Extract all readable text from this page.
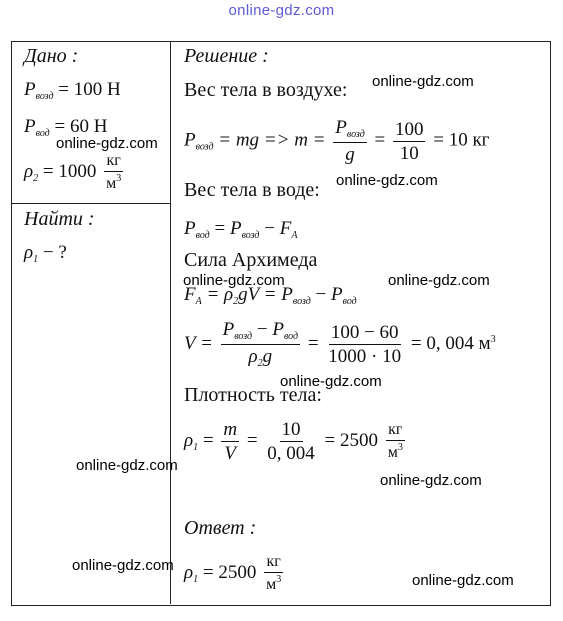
online-gdz.com
Дано :
$P_{возд} = 100$ Н
$P_{вод} = 60$ Н
$\rho_2 = 1000 \frac{кг}{м^3}$
Найти :
$\rho_1$ − ?
Решение :
Вес тела в воздухе:
$P_{возд}$ = mg => $m = \frac{P_{возд}}{g} = \frac{100}{10} = 10$ кг
Вес тела в воде:
$P_{вод} = P_{возд} - F_A$
Сила Архимеда
$F_A = \rho_2gV = P_{возд} - P_{вод}$
$V = \frac{P_{возд} - P_{вод}}{\rho_2g} = \frac{100 - 60}{1000 \cdot 10} = 0$, 004 $м^3$
Плотность тела:
$\rho_1 = \frac{m}{V} = \frac{10}{0, 004} = 2500 \frac{кг}{м^3}$
Ответ :
$\rho_1 = 2500 \frac{кг}{м^3}$
online-gdz.com
online-gdz.com
online-gdz.com
online-gdz.com	online-gdz.com
online-gdz.com
online-gdz.com
online-gdz.com
online-gdz.com
online-gdz.com
